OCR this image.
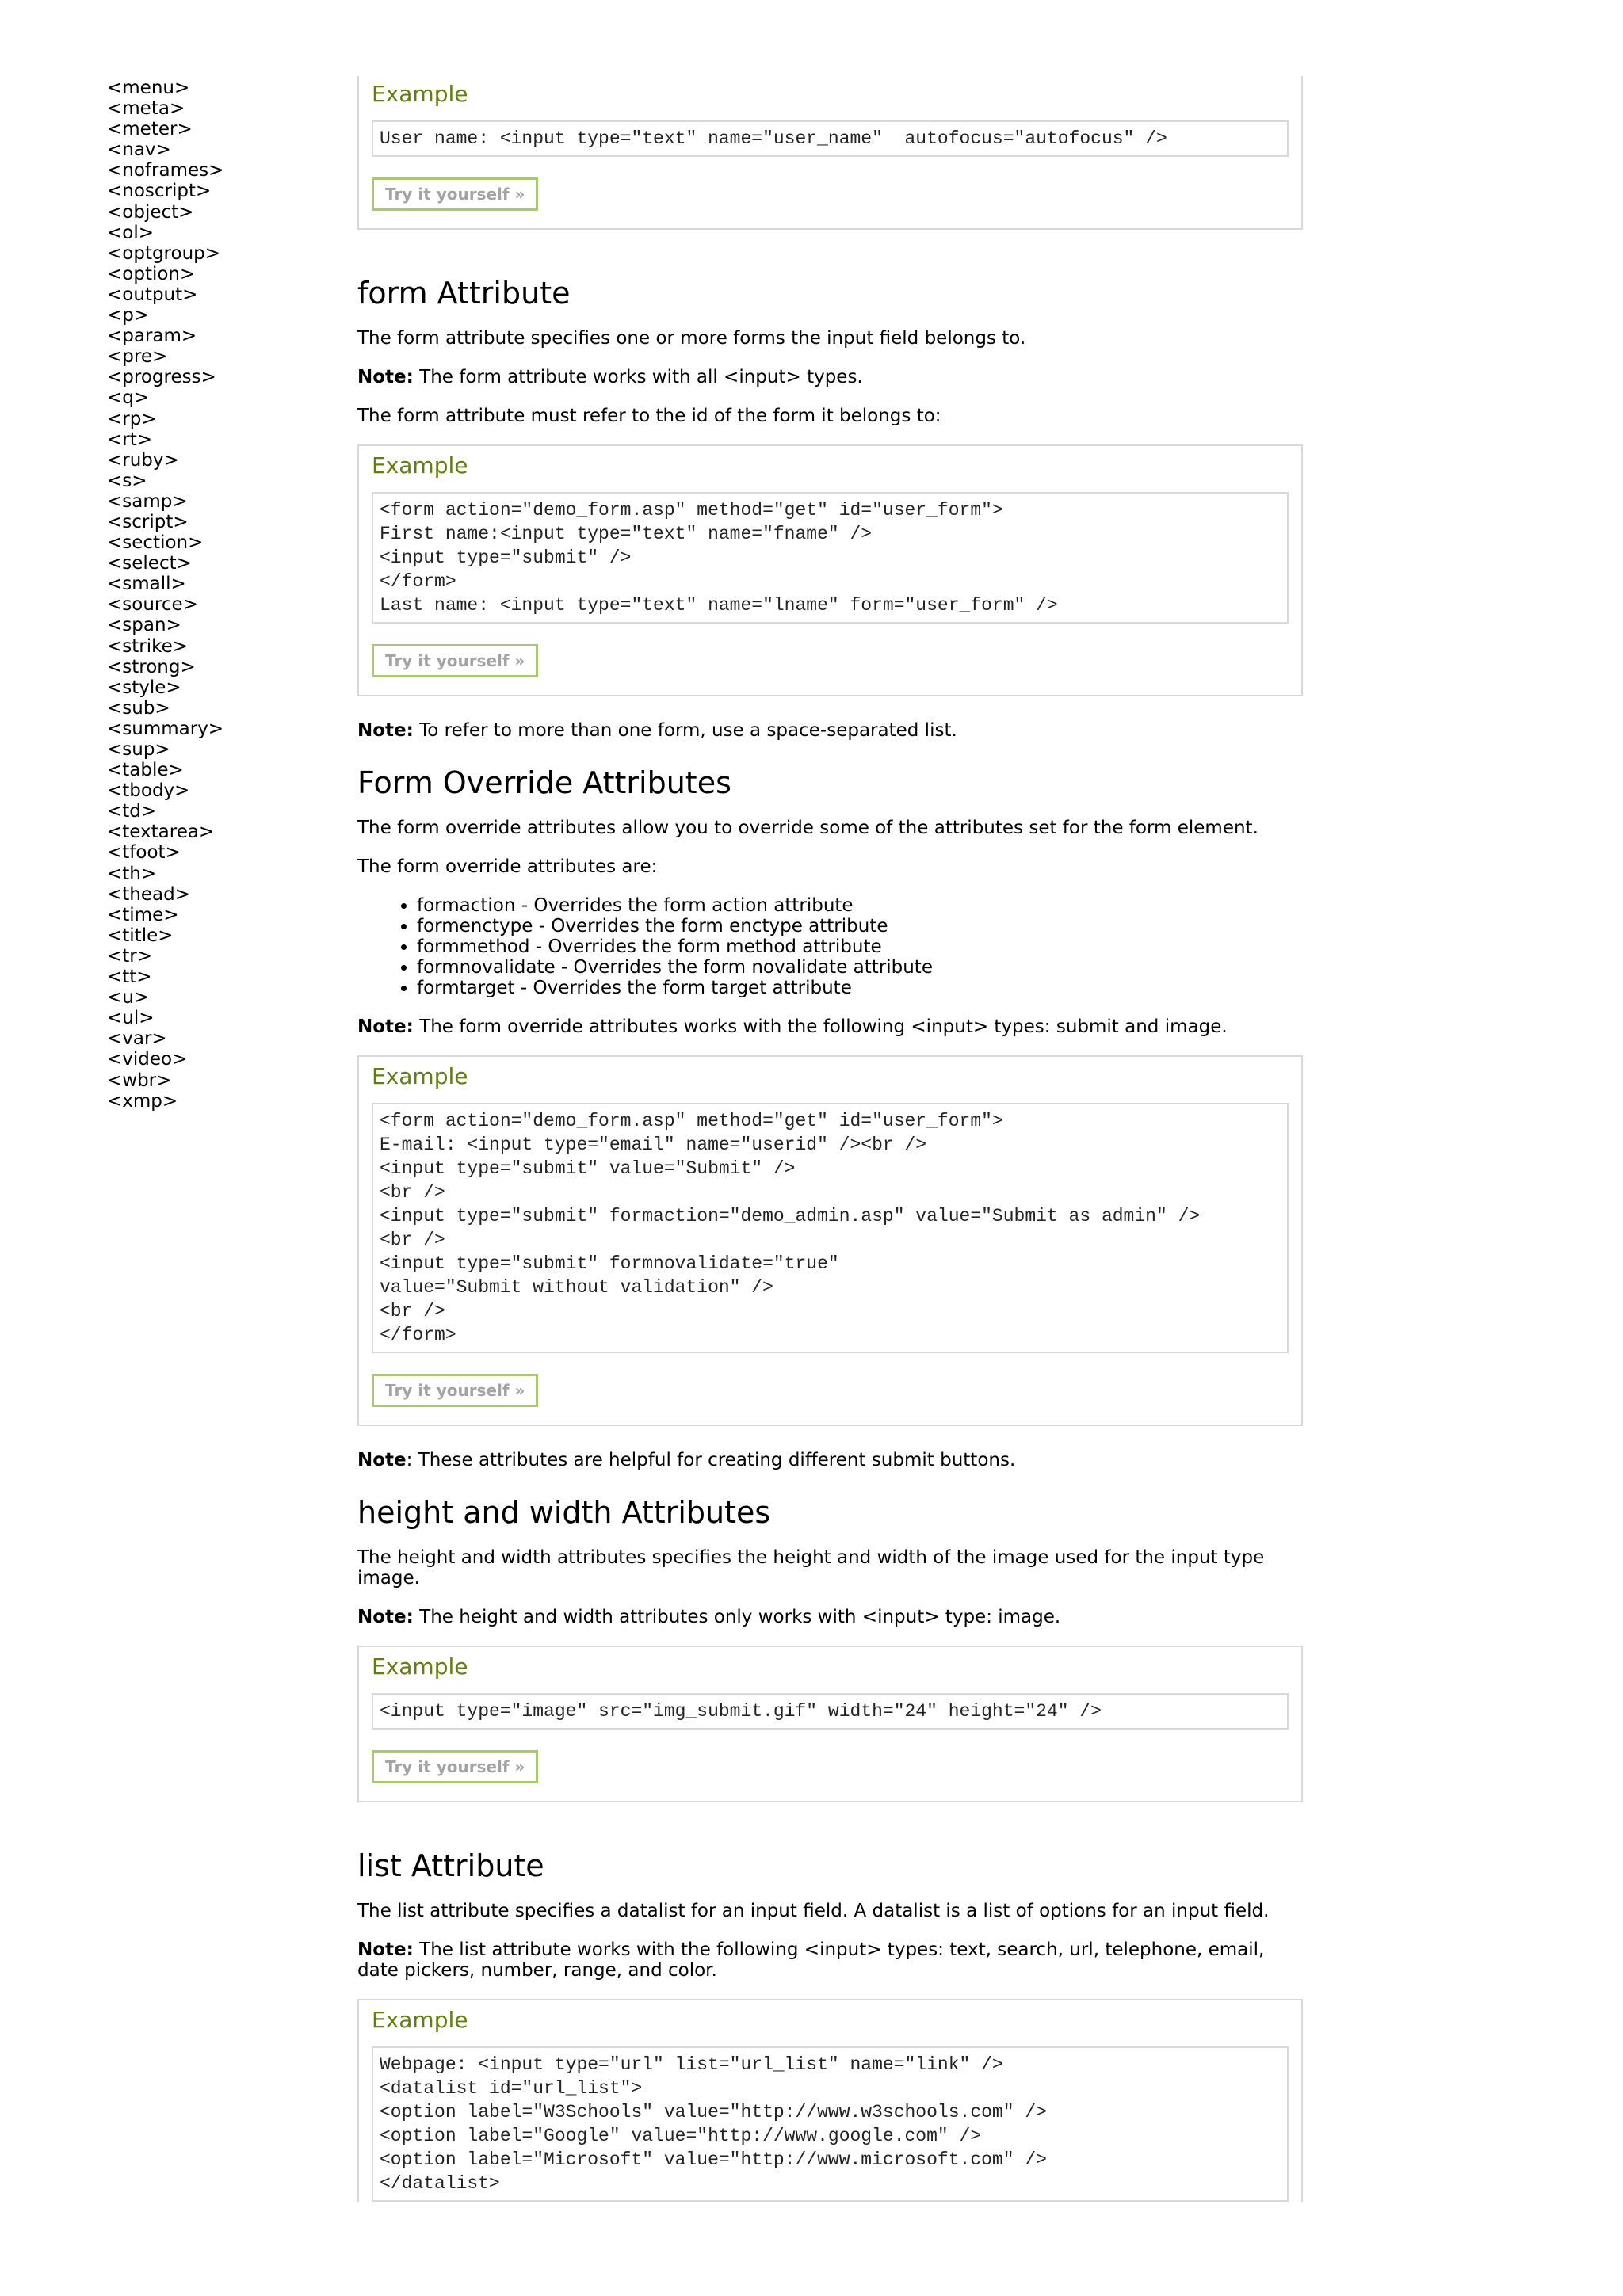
<menu>
<meta>
<meter>
<nav>
<noframes>
<noscript>
<object>
<ol>
<optgroup>
<option>
<output>
<p>
<param>
<pre>
<progress>
<q>
<rp>
<rt>
<ruby>
<s>
<samp>
<script>
<section>
<select>
<small>
<source>
<span>
<strike>
<strong>
<style>
<sub>
<summary>
<sup>
<table>
<tbody>
<td>
<textarea>
<tfoot>
<th>
<thead>
<time>
<title>
<tr>
<tt>
<u>
<ul>
<var>
<video>
<wbr>
<xmp>
Example
User name: <input type="text" name="user_name"  autofocus="autofocus" />
Try it yourself »
form Attribute

The form attribute specifies one or more forms the input field belongs to.

Note: The form attribute works with all <input> types.

The form attribute must refer to the id of the form it belongs to:

Example
<form action="demo_form.asp" method="get" id="user_form">
First name:<input type="text" name="fname" />
<input type="submit" />
</form>
Last name: <input type="text" name="lname" form="user_form" />
Try it yourself »

Note: To refer to more than one form, use a space-separated list.

Form Override Attributes

The form override attributes allow you to override some of the attributes set for the form element.

The form override attributes are:

• formaction - Overrides the form action attribute
• formenctype - Overrides the form enctype attribute
• formmethod - Overrides the form method attribute
• formnovalidate - Overrides the form novalidate attribute
• formtarget - Overrides the form target attribute

Note: The form override attributes works with the following <input> types: submit and image.

Example
<form action="demo_form.asp" method="get" id="user_form">
E-mail: <input type="email" name="userid" /><br />
<input type="submit" value="Submit" />
<br />
<input type="submit" formaction="demo_admin.asp" value="Submit as admin" />
<br />
<input type="submit" formnovalidate="true"
value="Submit without validation" />
<br />
</form>
Try it yourself »

Note: These attributes are helpful for creating different submit buttons.

height and width Attributes

The height and width attributes specifies the height and width of the image used for the input type image.

Note: The height and width attributes only works with <input> type: image.

Example
<input type="image" src="img_submit.gif" width="24" height="24" />
Try it yourself »
list Attribute

The list attribute specifies a datalist for an input field. A datalist is a list of options for an input field.

Note: The list attribute works with the following <input> types: text, search, url, telephone, email, date pickers, number, range, and color.

Example
Webpage: <input type="url" list="url_list" name="link" />
<datalist id="url_list">
<option label="W3Schools" value="http://www.w3schools.com" />
<option label="Google" value="http://www.google.com" />
<option label="Microsoft" value="http://www.microsoft.com" />
</datalist>
